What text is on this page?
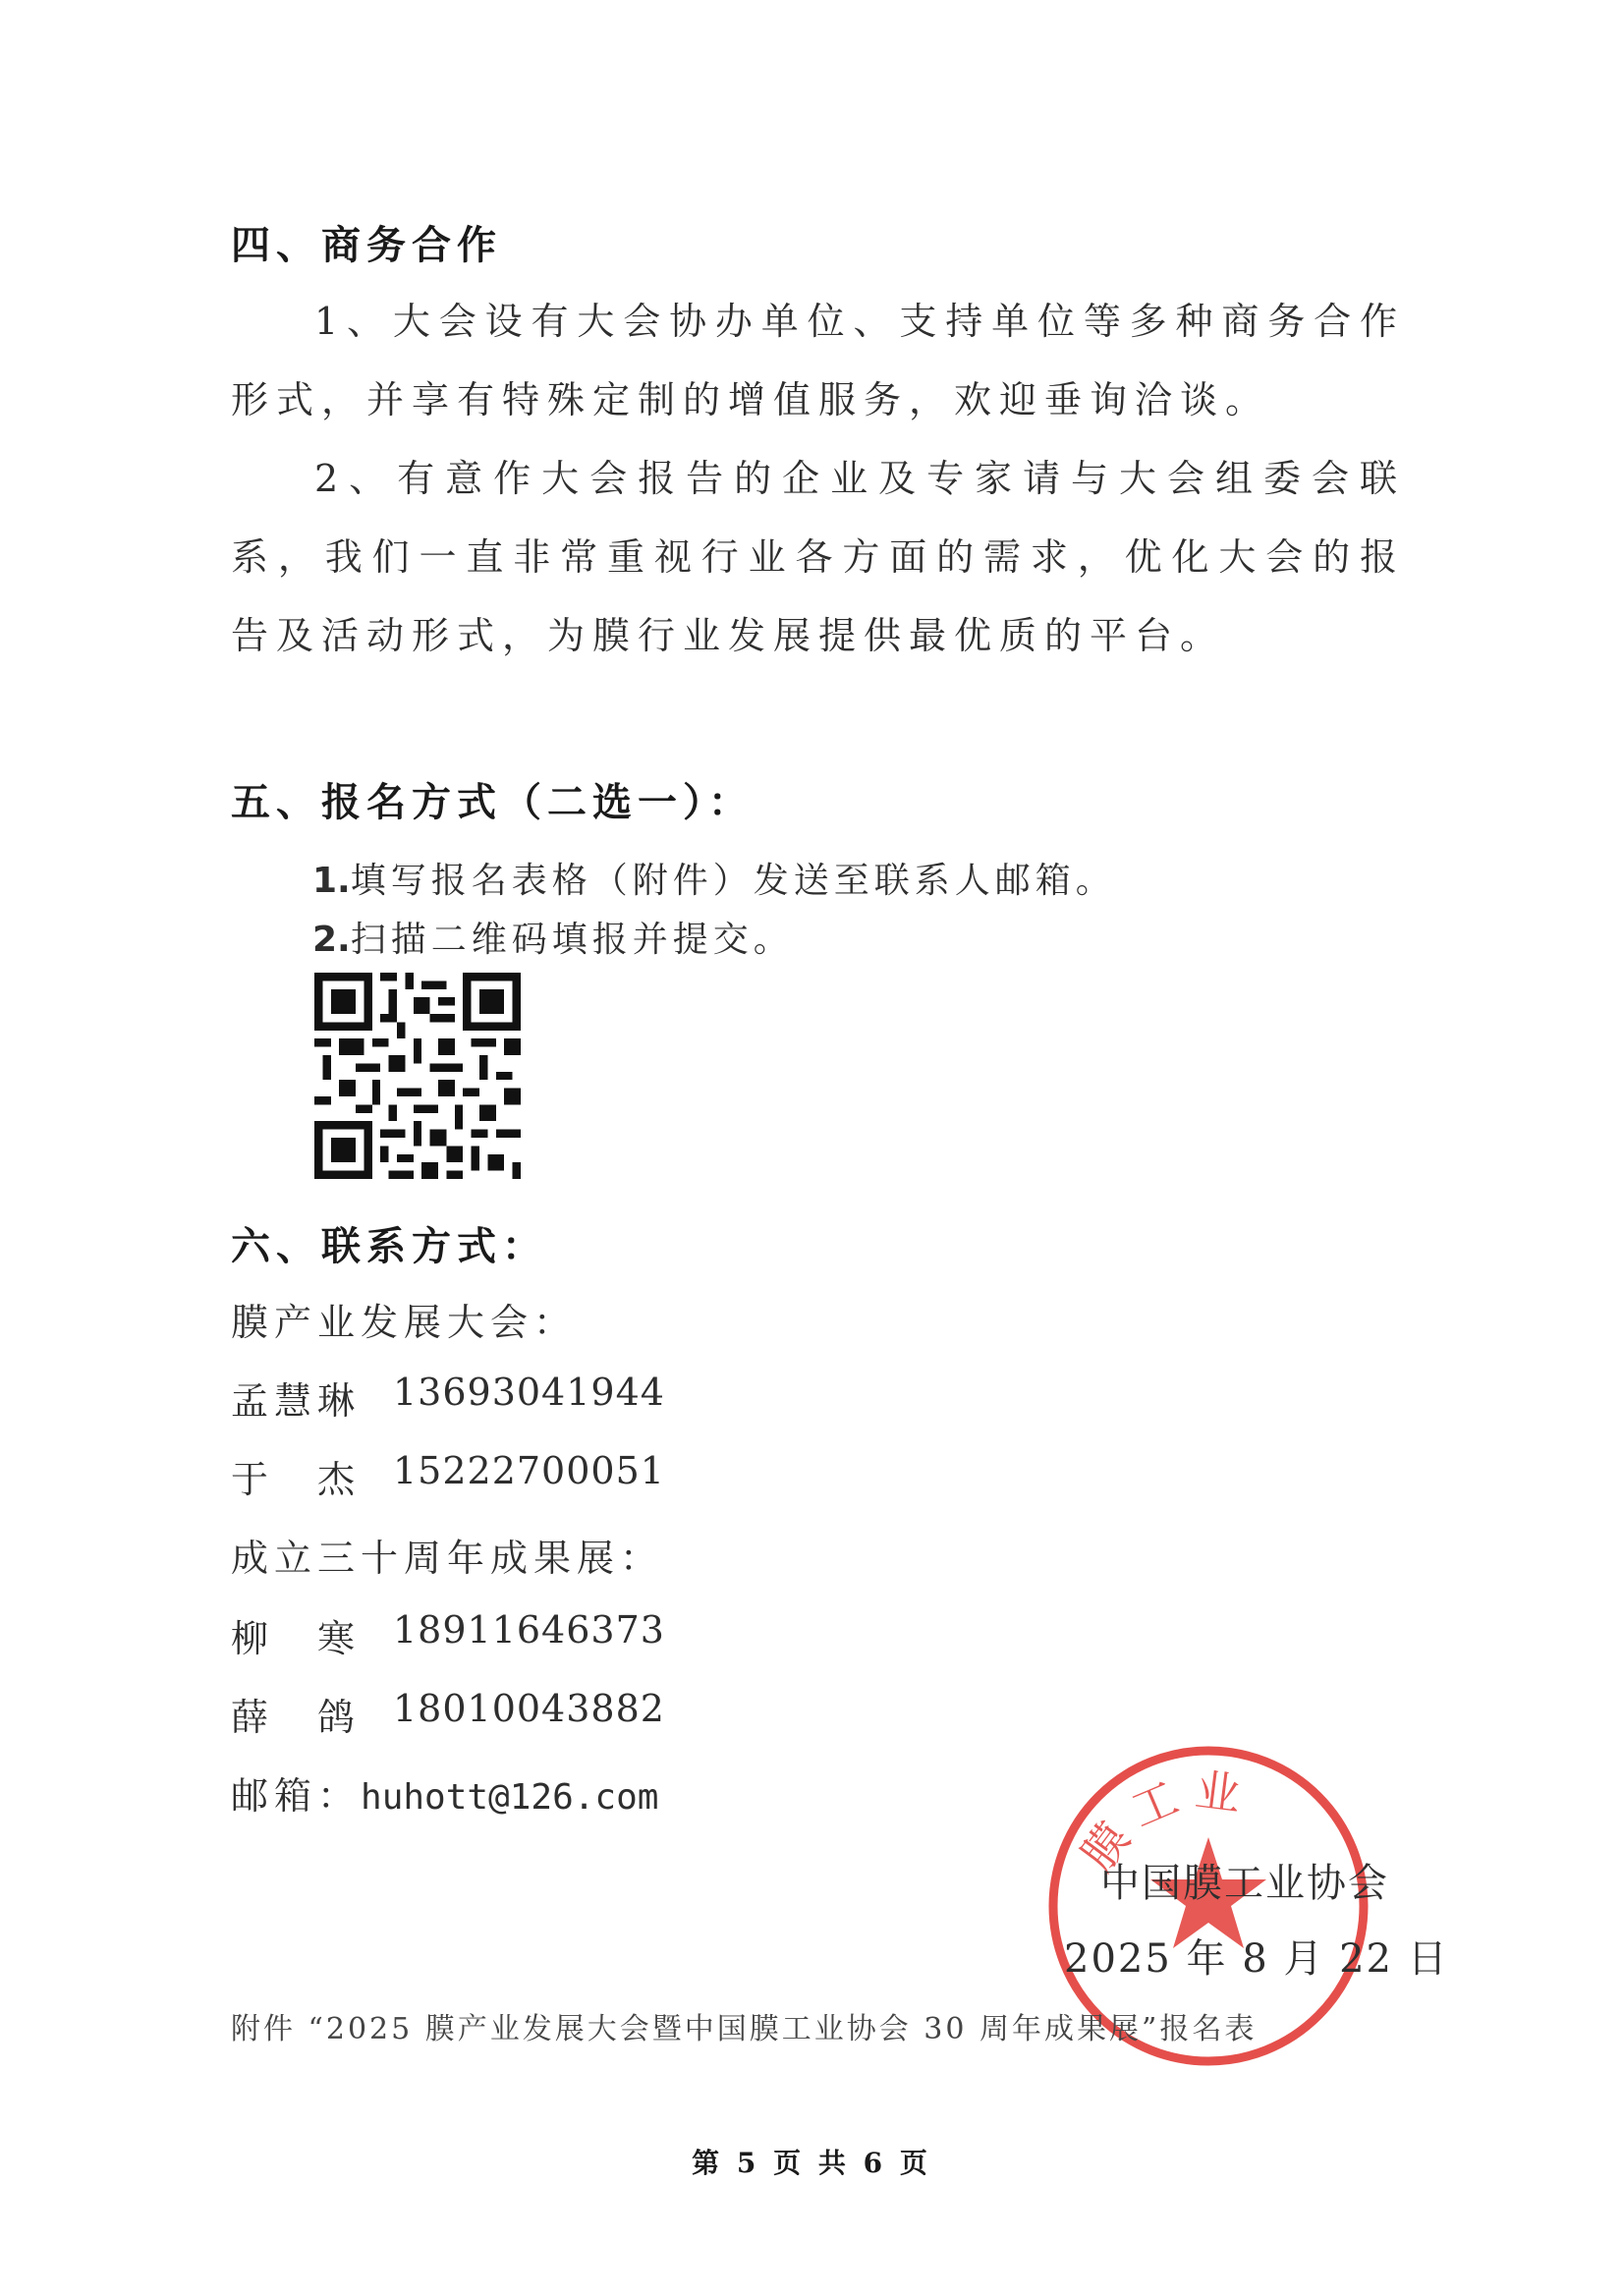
四、商务合作
1、大会设有大会协办单位、支持单位等多种商务合作形式，并享有特殊定制的增值服务，欢迎垂询洽谈。
2、有意作大会报告的企业及专家请与大会组委会联系，我们一直非常重视行业各方面的需求，优化大会的报告及活动形式，为膜行业发展提供最优质的平台。
五、报名方式（二选一）：
1.填写报名表格（附件）发送至联系人邮箱。
2.扫描二维码填报并提交。
六、联系方式：
膜产业发展大会：
孟慧琳 13693041944
于　杰 15222700051
成立三十周年成果展：
柳　寒 18911646373
薛　鸽 18010043882
邮箱：huhott@126.com
膜工业
中国膜工业协会
2025 年 8 月 22 日
附件 “2025 膜产业发展大会暨中国膜工业协会 30 周年成果展”报名表
第 5 页 共 6 页
